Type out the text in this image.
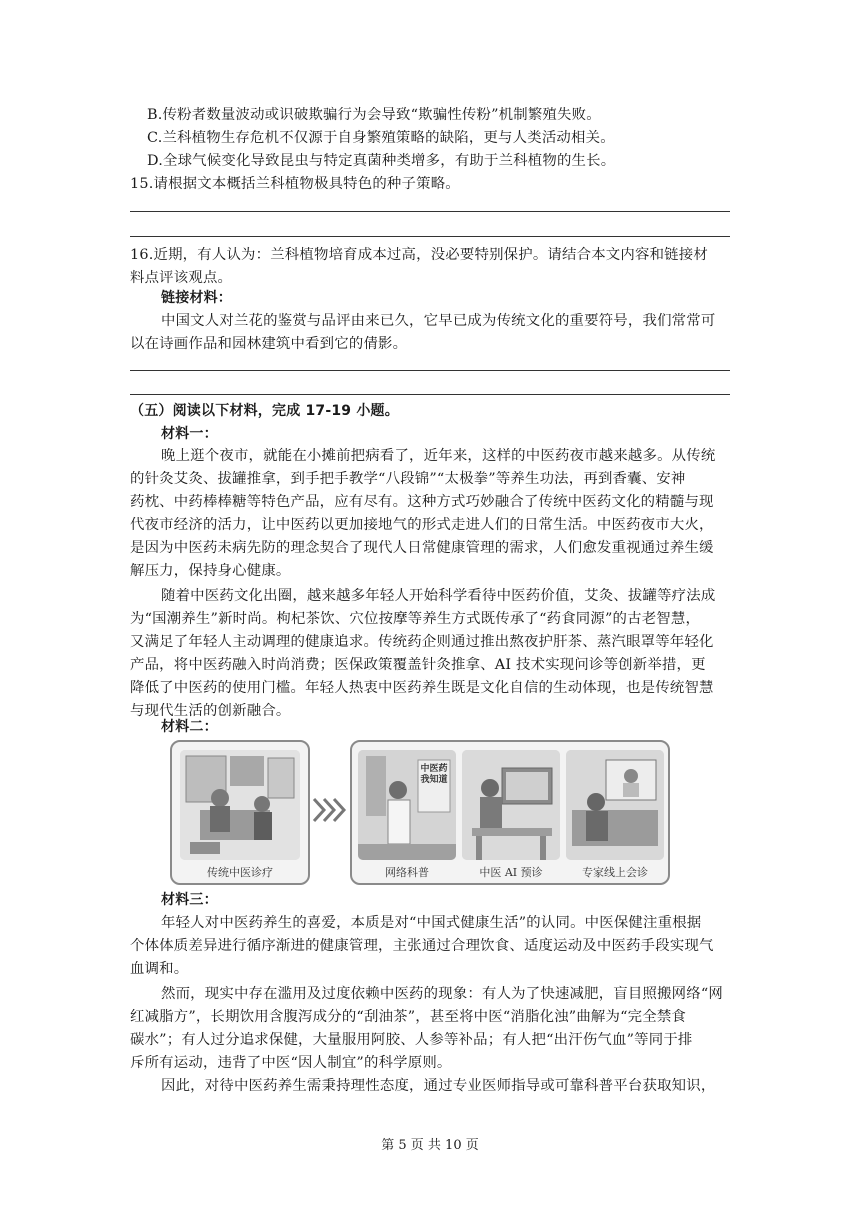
B.传粉者数量波动或识破欺骗行为会导致“欺骗性传粉”机制繁殖失败。
C.兰科植物生存危机不仅源于自身繁殖策略的缺陷，更与人类活动相关。
D.全球气候变化导致昆虫与特定真菌种类增多，有助于兰科植物的生长。
15.请根据文本概括兰科植物极具特色的种子策略。
16.近期，有人认为：兰科植物培育成本过高，没必要特别保护。请结合本文内容和链接材
料点评该观点。
链接材料：
中国文人对兰花的鉴赏与品评由来已久，它早已成为传统文化的重要符号，我们常常可
以在诗画作品和园林建筑中看到它的倩影。
（五）阅读以下材料，完成 17-19 小题。
材料一：
晚上逛个夜市，就能在小摊前把病看了，近年来，这样的中医药夜市越来越多。从传统
的针灸艾灸、拔罐推拿，到手把手教学“八段锦”“太极拳”等养生功法，再到香囊、安神
药枕、中药棒棒糖等特色产品，应有尽有。这种方式巧妙融合了传统中医药文化的精髓与现
代夜市经济的活力，让中医药以更加接地气的形式走进人们的日常生活。中医药夜市大火，
是因为中医药未病先防的理念契合了现代人日常健康管理的需求，人们愈发重视通过养生缓
解压力，保持身心健康。
随着中医药文化出圈，越来越多年轻人开始科学看待中医药价值，艾灸、拔罐等疗法成
为“国潮养生”新时尚。枸杞茶饮、穴位按摩等养生方式既传承了“药食同源”的古老智慧，
又满足了年轻人主动调理的健康追求。传统药企则通过推出熬夜护肝茶、蒸汽眼罩等年轻化
产品，将中医药融入时尚消费；医保政策覆盖针灸推拿、AI 技术实现问诊等创新举措，更
降低了中医药的使用门槛。年轻人热衷中医药养生既是文化自信的生动体现，也是传统智慧
与现代生活的创新融合。
材料二：
传统中医诊疗
中医药我知道
网络科普	中医 AI 预诊	专家线上会诊
材料三：
年轻人对中医药养生的喜爱，本质是对“中国式健康生活”的认同。中医保健注重根据
个体体质差异进行循序渐进的健康管理，主张通过合理饮食、适度运动及中医药手段实现气
血调和。
然而，现实中存在滥用及过度依赖中医药的现象：有人为了快速减肥，盲目照搬网络“网
红减脂方”，长期饮用含腹泻成分的“刮油茶”，甚至将中医“消脂化浊”曲解为“完全禁食
碳水”；有人过分追求保健，大量服用阿胶、人参等补品；有人把“出汗伤气血”等同于排
斥所有运动，违背了中医“因人制宜”的科学原则。
因此，对待中医药养生需秉持理性态度，通过专业医师指导或可靠科普平台获取知识，
第 5 页 共 10 页
